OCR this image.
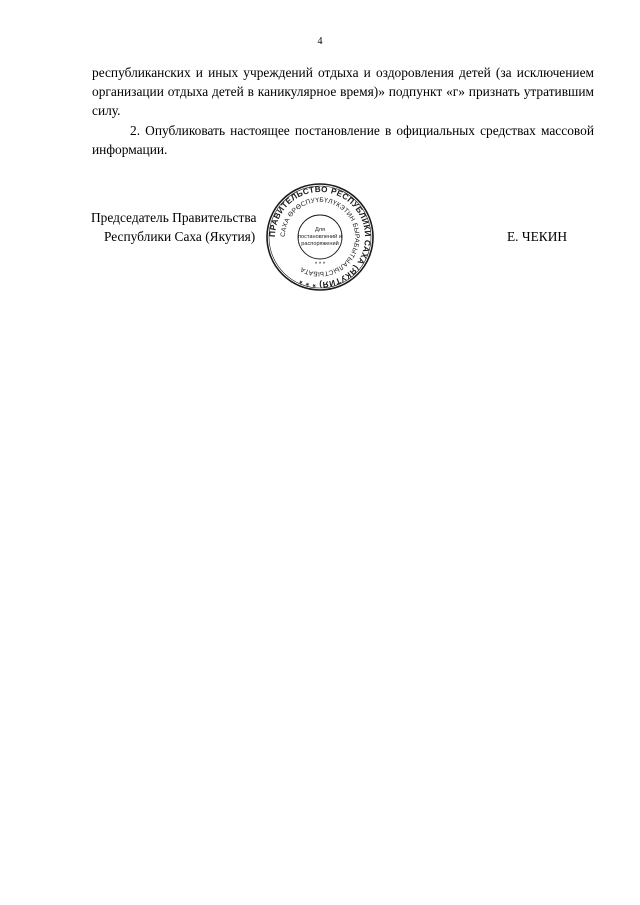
4

республиканских и иных учреждений отдыха и оздоровления детей (за исключением организации отдыха детей в каникулярное время)» подпункт «г» признать утратившим силу.

2. Опубликовать настоящее постановление в официальных средствах массовой информации.

Председатель Правительства
Республики Саха (Якутия)	Е. ЧЕКИН
ПРАВИТЕЛЬСТВО РЕСПУБЛИКИ САХА (ЯКУТИЯ) * * *
САХА ӨРӨСПУҮБҮЛҮКЭТИН БЫРАБЫТЫАЛЫСТЫБАТА
Для
постановлений и
распоряжений
* * *
